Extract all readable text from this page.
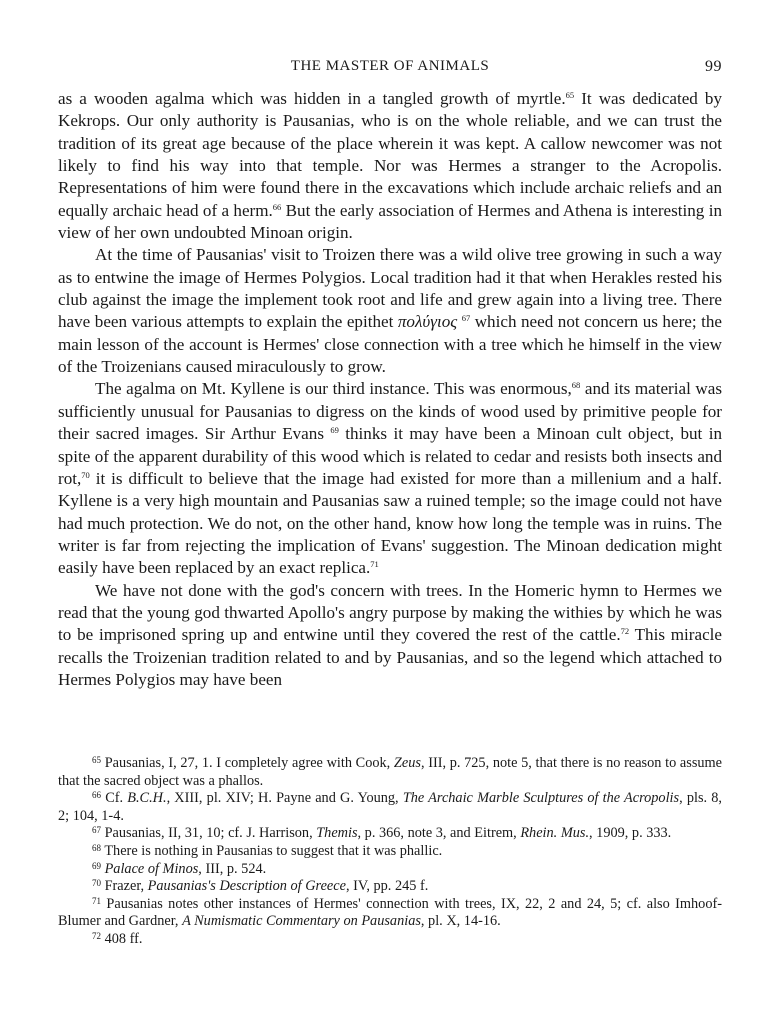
THE MASTER OF ANIMALS	99

as a wooden agalma which was hidden in a tangled growth of myrtle.$^{65}$ It was dedicated by Kekrops. Our only authority is Pausanias, who is on the whole reliable, and we can trust the tradition of its great age because of the place wherein it was kept. A callow newcomer was not likely to find his way into that temple. Nor was Hermes a stranger to the Acropolis. Representations of him were found there in the excavations which include archaic reliefs and an equally archaic head of a herm.$^{66}$ But the early association of Hermes and Athena is interesting in view of her own undoubted Minoan origin.

At the time of Pausanias' visit to Troizen there was a wild olive tree growing in such a way as to entwine the image of Hermes Polygios. Local tradition had it that when Herakles rested his club against the image the implement took root and life and grew again into a living tree. There have been various attempts to explain the epithet πολύγιος $^{67}$ which need not concern us here; the main lesson of the account is Hermes' close connection with a tree which he himself in the view of the Troizenians caused miraculously to grow.

The agalma on Mt. Kyllene is our third instance. This was enormous,$^{68}$ and its material was sufficiently unusual for Pausanias to digress on the kinds of wood used by primitive people for their sacred images. Sir Arthur Evans $^{69}$ thinks it may have been a Minoan cult object, but in spite of the apparent durability of this wood which is related to cedar and resists both insects and rot,$^{70}$ it is difficult to believe that the image had existed for more than a millenium and a half. Kyllene is a very high mountain and Pausanias saw a ruined temple; so the image could not have had much protection. We do not, on the other hand, know how long the temple was in ruins. The writer is far from rejecting the implication of Evans' suggestion. The Minoan dedication might easily have been replaced by an exact replica.$^{71}$

We have not done with the god's concern with trees. In the Homeric hymn to Hermes we read that the young god thwarted Apollo's angry purpose by making the withies by which he was to be imprisoned spring up and entwine until they covered the rest of the cattle.$^{72}$ This miracle recalls the Troizenian tradition related to and by Pausanias, and so the legend which attached to Hermes Polygios may have been

$^{65}$ Pausanias, I, 27, 1. I completely agree with Cook, Zeus, III, p. 725, note 5, that there is no reason to assume that the sacred object was a phallos.

$^{66}$ Cf. B.C.H., XIII, pl. XIV; H. Payne and G. Young, The Archaic Marble Sculptures of the Acropolis, pls. 8, 2; 104, 1-4.

$^{67}$ Pausanias, II, 31, 10; cf. J. Harrison, Themis, p. 366, note 3, and Eitrem, Rhein. Mus., 1909, p. 333.

$^{68}$ There is nothing in Pausanias to suggest that it was phallic.

$^{69}$ Palace of Minos, III, p. 524.

$^{70}$ Frazer, Pausanias's Description of Greece, IV, pp. 245 f.

$^{71}$ Pausanias notes other instances of Hermes' connection with trees, IX, 22, 2 and 24, 5; cf. also Imhoof-Blumer and Gardner, A Numismatic Commentary on Pausanias, pl. X, 14-16.

$^{72}$ 408 ff.
